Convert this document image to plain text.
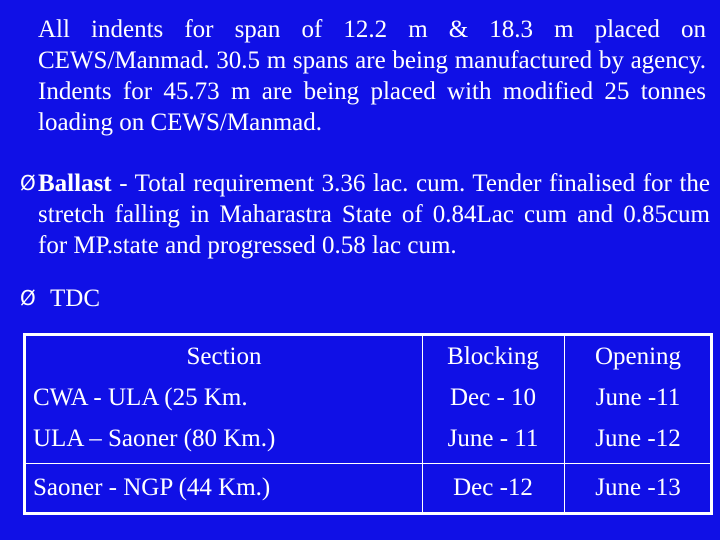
All indents for span of 12.2 m & 18.3 m placed on CEWS/Manmad. 30.5 m spans are being manufactured by agency. Indents for 45.73 m are being placed with modified 25 tonnes loading on CEWS/Manmad.
Ø Ballast - Total requirement 3.36 lac. cum. Tender finalised for the stretch falling in Maharastra State of 0.84Lac cum and 0.85cum for MP.state and progressed 0.58 lac cum.
Ø TDC
Section	Blocking	Opening
CWA - ULA (25 Km.	Dec - 10	June -11
ULA – Saoner (80 Km.)	June - 11	June -12
Saoner - NGP (44 Km.)	Dec -12	June -13
